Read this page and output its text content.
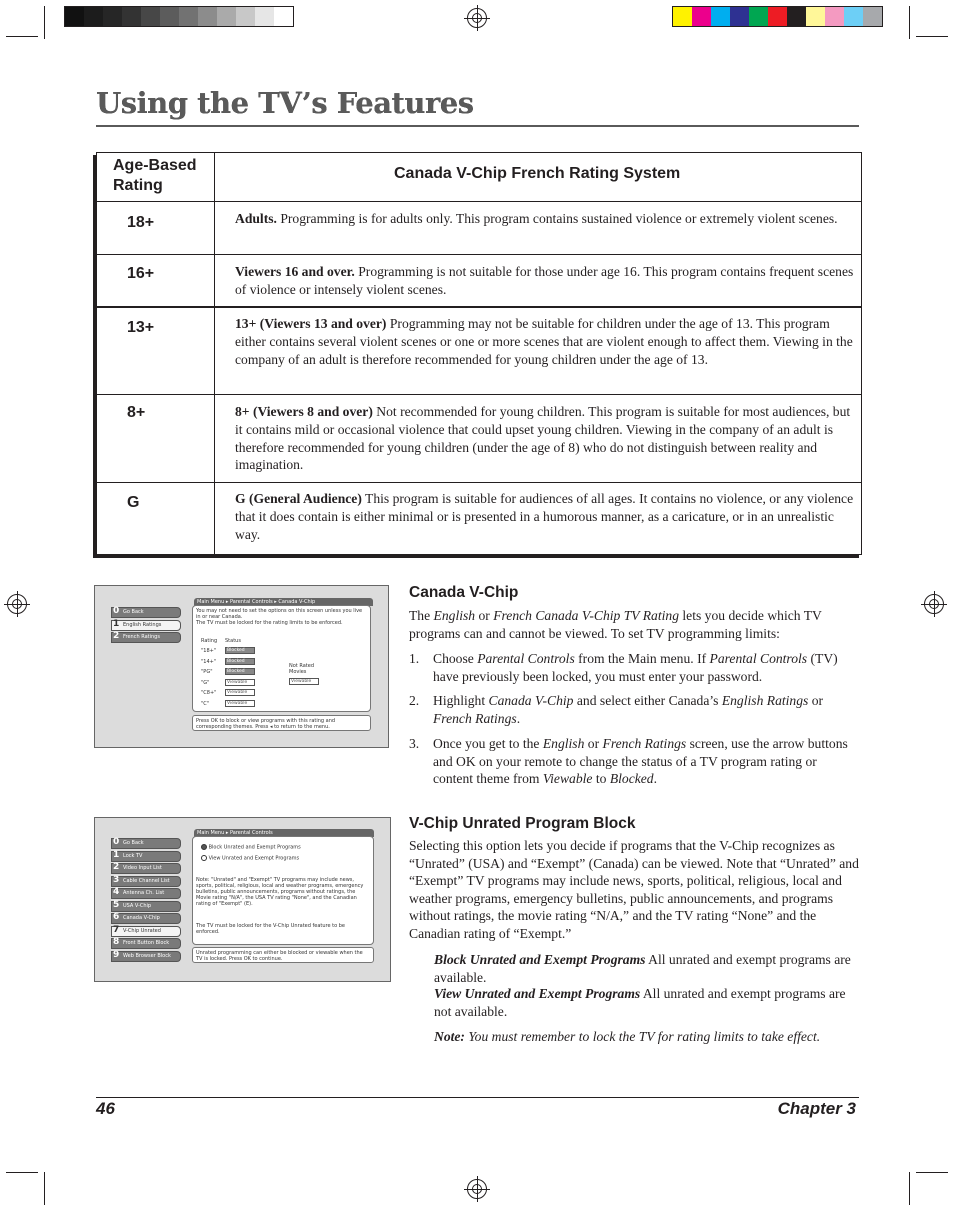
Using the TV’s Features
Age-Based Rating
Canada V-Chip French Rating System
18+	Adults. Programming is for adults only. This program contains sustained violence or extremely violent scenes.
16+	Viewers 16 and over. Programming is not suitable for those under age 16. This program contains frequent scenes of violence or intensely violent scenes.
13+	13+ (Viewers 13 and over) Programming may not be suitable for children under the age of 13. This program either contains several violent scenes or one or more scenes that are violent enough to affect them. Viewing in the company of an adult is therefore recommended for young children under the age of 13.
8+	8+ (Viewers 8 and over) Not recommended for young children. This program is suitable for most audiences, but it contains mild or occasional violence that could upset young children. Viewing in the company of an adult is therefore recommended for young children (under the age of 8) who do not distinguish between reality and imagination.
G	G (General Audience) This program is suitable for audiences of all ages. It contains no violence, or any violence that it does contain is either minimal or is presented in a humorous manner, as a caricature, or in an unrealistic way.
0 Go Back
1 English Ratings
2 French Ratings
Main Menu ▸ Parental Controls ▸ Canada V-Chip
You may not need to set the options on this screen unless you live in or near Canada.
The TV must be locked for the rating limits to be enforced.
Rating Status
"18+"	Blocked
"14+"	Blocked
"PG"	Blocked
"G"	Viewable
"C8+"	Viewable
"C"	Viewable
Not Rated Movies
Viewable
Press OK to block or view programs with this rating and corresponding themes. Press ◂ to return to the menu.
0 Go Back
1 Lock TV
2 Video Input List
3 Cable Channel List
4 Antenna Ch. List
5 USA V-Chip
6 Canada V-Chip
7 V-Chip Unrated
8 Front Button Block
9 Web Browser Block
Main Menu ▸ Parental Controls
Block Unrated and Exempt Programs
View Unrated and Exempt Programs
Note: "Unrated" and "Exempt" TV programs may include news, sports, political, religious, local and weather programs, emergency bulletins, public announcements, programs without ratings, the Movie rating "N/A", the USA TV rating "None", and the Canadian rating of "Exempt" (E).
The TV must be locked for the V-Chip Unrated feature to be enforced.
Unrated programming can either be blocked or viewable when the TV is locked. Press OK to continue.
Canada V-Chip
The English or French Canada V-Chip TV Rating lets you decide which TV programs can and cannot be viewed. To set TV programming limits:
1. Choose Parental Controls from the Main menu. If Parental Controls (TV) have previously been locked, you must enter your password.
2. Highlight Canada V-Chip and select either Canada’s English Ratings or French Ratings.
3. Once you get to the English or French Ratings screen, use the arrow buttons and OK on your remote to change the status of a TV program rating or content theme from Viewable to Blocked.
V-Chip Unrated Program Block
Selecting this option lets you decide if programs that the V-Chip recognizes as “Unrated” (USA) and “Exempt” (Canada) can be viewed. Note that “Unrated” and “Exempt” TV programs may include news, sports, political, religious, local and weather programs, emergency bulletins, public announcements, and programs without ratings, the movie rating “N/A,” and the TV rating “None” and the Canadian rating of “Exempt.”
Block Unrated and Exempt Programs All unrated and exempt programs are available.
View Unrated and Exempt Programs All unrated and exempt programs are not available.
Note: You must remember to lock the TV for rating limits to take effect.
46	Chapter 3
